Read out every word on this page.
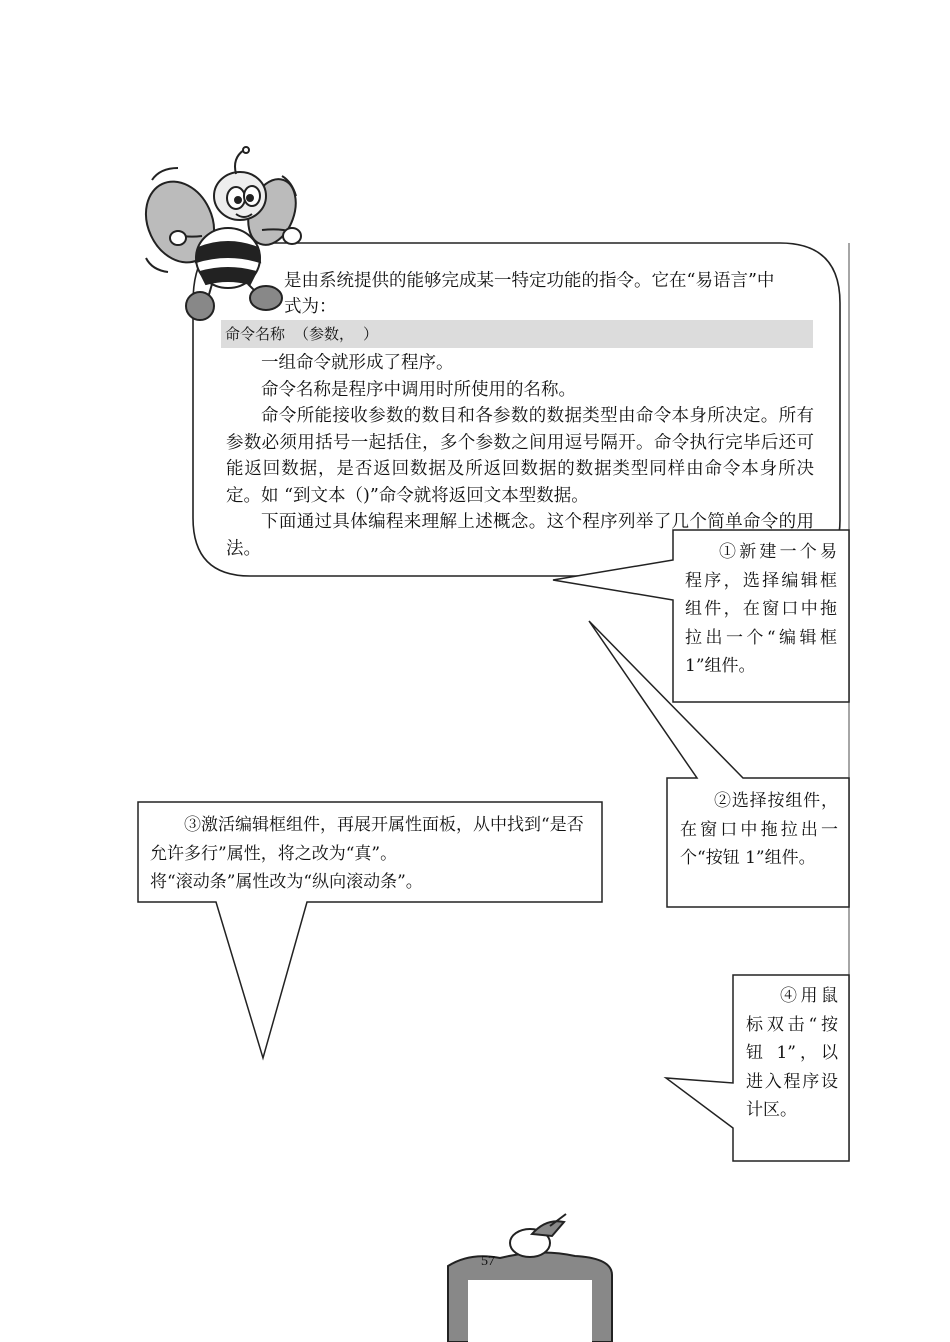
是由系统提供的能够完成某一特定功能的指令。它在“易语言”中
式为：
命令名称 （参数， ）
一组命令就形成了程序。
命令名称是程序中调用时所使用的名称。
命令所能接收参数的数目和各参数的数据类型由命令本身所决定。所有参数必须用括号一起括住，多个参数之间用逗号隔开。命令执行完毕后还可能返回数据，是否返回数据及所返回数据的数据类型同样由命令本身所决定。如 “到文本（)”命令就将返回文本型数据。
下面通过具体编程来理解上述概念。这个程序列举了几个简单命令的用法。	①新建一个易程序，选择编辑框组件，在窗口中拖拉出一个“编辑框1”组件。
②选择按组件，在窗口中拖拉出一个“按钮 1”组件。
③激活编辑框组件，再展开属性面板，从中找到“是否允许多行”属性，将之改为“真”。
将“滚动条”属性改为“纵向滚动条”。
④用鼠标双击“按钮 1”，以进入程序设计区。
57
